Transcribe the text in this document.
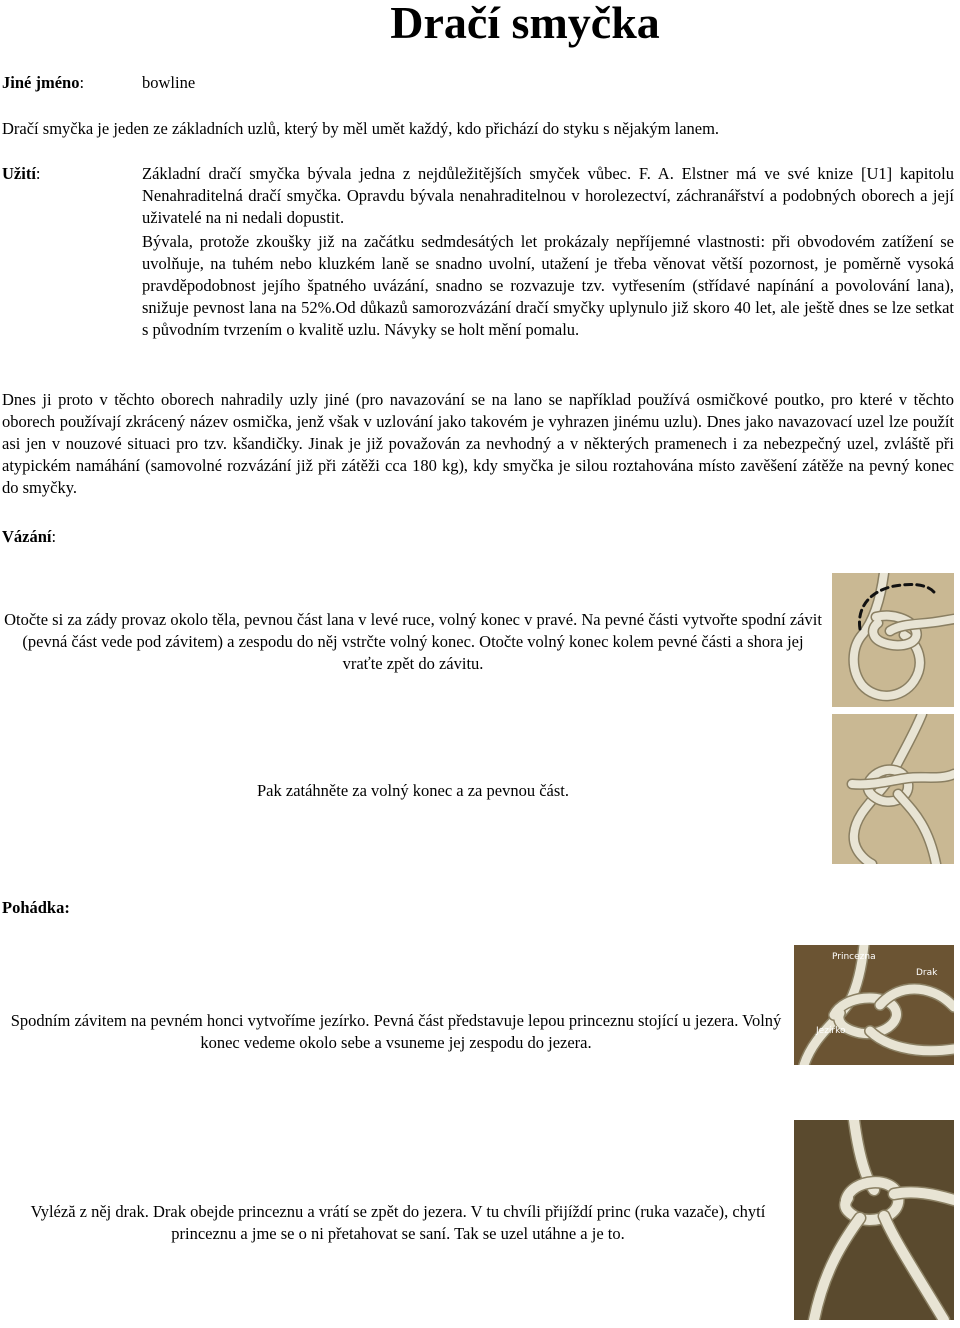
Dračí smyčka
Jiné jméno:	bowline
Dračí smyčka je jeden ze základních uzlů, který by měl umět každý, kdo přichází do styku s nějakým lanem.
Užití:	Základní dračí smyčka bývala jedna z nejdůležitějších smyček vůbec. F. A. Elstner má ve své knize [U1] kapitolu Nenahraditelná dračí smyčka. Opravdu bývala nenahraditelnou v horolezectví, záchranářství a podobných oborech a její uživatelé na ni nedali dopustit.
Bývala, protože zkoušky již na začátku sedmdesátých let prokázaly nepříjemné vlastnosti: při obvodovém zatížení se uvolňuje, na tuhém nebo kluzkém laně se snadno uvolní, utažení je třeba věnovat větší pozornost, je poměrně vysoká pravděpodobnost jejího špatného uvázání, snadno se rozvazuje tzv. vytřesením (střídavé napínání a povolování lana), snižuje pevnost lana na 52%.Od důkazů samorozvázání dračí smyčky uplynulo již skoro 40 let, ale ještě dnes se lze setkat s původním tvrzením o kvalitě uzlu. Návyky se holt mění pomalu.
Dnes ji proto v těchto oborech nahradily uzly jiné (pro navazování se na lano se například používá osmičkové poutko, pro které v těchto oborech používají zkrácený název osmička, jenž však v uzlování jako takovém je vyhrazen jinému uzlu). Dnes jako navazovací uzel lze použít asi jen v nouzové situaci pro tzv. kšandičky. Jinak je již považován za nevhodný a v některých pramenech i za nebezpečný uzel, zvláště při atypickém namáhání (samovolné rozvázání již při zátěži cca 180 kg), kdy smyčka je silou roztahována místo zavěšení zátěže na pevný konec do smyčky.
Vázání:
Otočte si za zády provaz okolo těla, pevnou část lana v levé ruce, volný konec v pravé. Na pevné části vytvořte spodní závit (pevná část vede pod závitem) a zespodu do něj vstrčte volný konec. Otočte volný konec kolem pevné části a shora jej vraťte zpět do závitu.
Pak zatáhněte za volný konec a za pevnou část.
Pohádka:
Spodním závitem na pevném honci vytvoříme jezírko. Pevná část představuje lepou princeznu stojící u jezera. Volný konec vedeme okolo sebe a vsuneme jej zespodu do jezera.
Vyléză z něj drak. Drak obejde princeznu a vrátí se zpět do jezera. V tu chvíli přijíždí princ (ruka vazače), chytí princeznu a jme se o ni přetahovat se saní. Tak se uzel utáhne a je to.
Princezna
Drak
Jezírko
